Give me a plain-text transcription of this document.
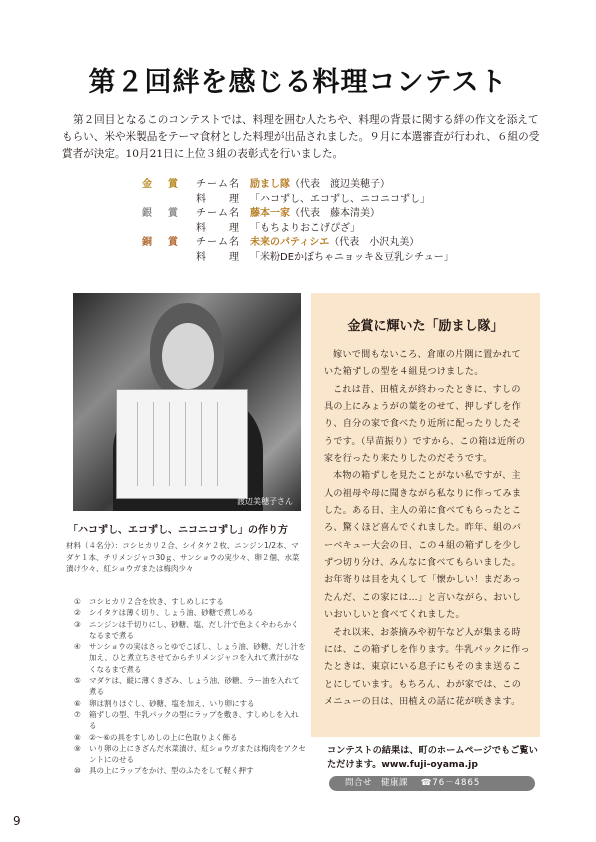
第２回絆を感じる料理コンテスト
第２回目となるこのコンテストでは、料理を囲む人たちや、料理の背景に関する絆の作文を添えてもらい、米や米製品をテーマ食材とした料理が出品されました。９月に本選審査が行われ、６組の受賞者が決定。10月21日に上位３組の表彰式を行いました。
金　賞	チーム名	励まし隊 （代表　渡辺美穂子）
料　　理	「ハコずし、エコずし、ニコニコずし」
銀　賞	チーム名	藤本一家 （代表　藤本清美）
料　　理	「もちよりおこげぴざ」
銅　賞	チーム名	未来のパティシエ （代表　小沢丸美）
料　　理	「米粉DEかぼちゃニョッキ＆豆乳シチュー」
渡辺美穂子さん
「ハコずし、エコずし、ニコニコずし」の作り方
材料（４名分）：コシヒカリ２合、シイタケ２枚、ニンジン1/2本、マダケ１本、チリメンジャコ30ｇ、サンショウの実少々、卵２個、水菜漬け少々、紅ショウガまたは梅肉少々
① コシヒカリ２合を炊き、すしめしにする
② シイタケは薄く切り、しょう油、砂糖で煮しめる
③ ニンジンは千切りにし、砂糖、塩、だし汁で色よくやわらかくなるまで煮る
④ サンショウの実はさっとゆでこぼし、しょう油、砂糖、だし汁を加え、ひと煮立ちさせてからチリメンジャコを入れて煮汁がなくなるまで煮る
⑤ マダケは、縦に薄くきざみ、しょう油、砂糖、ラー油を入れて煮る
⑥ 卵は割りほぐし、砂糖、塩を加え、いり卵にする
⑦ 箱ずしの型、牛乳パックの型にラップを敷き、すしめしを入れる
⑧ ②～⑥の具をすしめしの上に色取りよく飾る
⑨ いり卵の上にきざんだ水菜漬け、紅ショウガまたは梅肉をアクセントにのせる
⑩ 具の上にラップをかけ、型のふたをして軽く押す
金賞に輝いた「励まし隊」

嫁いで間もないころ、倉庫の片隅に置かれていた箱ずしの型を４組見つけました。

これは昔、田植えが終わったときに、すしの具の上にみょうがの葉をのせて、押しずしを作り、自分の家で食べたり近所に配ったりしたそうです。（早苗振り）ですから、この箱は近所の家を行ったり来たりしたのだそうです。

本物の箱ずしを見たことがない私ですが、主人の祖母や母に聞きながら私なりに作ってみました。ある日、主人の弟に食べてもらったところ、驚くほど喜んでくれました。昨年、組のバーベキュー大会の日、この４組の箱ずしを少しずつ切り分け、みんなに食べてもらいました。お年寄りは目を丸くして「懐かしい！まだあったんだ、この家には…」と言いながら、おいしいおいしいと食べてくれました。

それ以来、お茶摘みや初午など人が集まる時には、この箱ずしを作ります。牛乳パックに作ったときは、東京にいる息子にもそのまま送ることにしています。もちろん、わが家では、このメニューの日は、田植えの話に花が咲きます。

コンテストの結果は、町のホームページでもご覧いただけます。www.fuji-oyama.jp
問合せ　健康課 ☎76－4865
9
